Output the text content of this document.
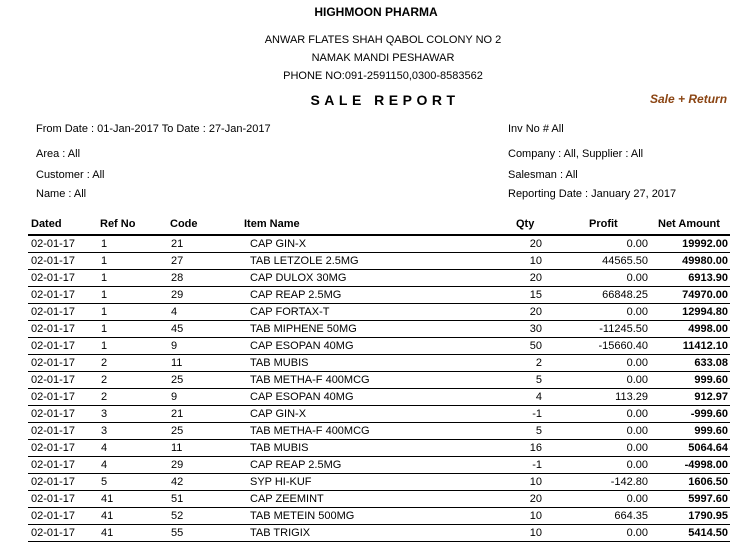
HIGHMOON PHARMA
ANWAR FLATES SHAH QABOL COLONY NO 2
NAMAK MANDI PESHAWAR
PHONE NO:091-2591150,0300-8583562
SALE REPORT	Sale + Return
From Date : 01-Jan-2017 To Date : 27-Jan-2017
Area : All
Customer : All
Name : All
Inv No # All
Company : All, Supplier : All
Salesman : All
Reporting Date : January 27, 2017
Dated	Ref No	Code	Item Name	Qty	Profit	Net Amount
02-01-17	1	21	CAP GIN-X	20	0.00	19992.00
02-01-17	1	27	TAB LETZOLE 2.5MG	10	44565.50	49980.00
02-01-17	1	28	CAP DULOX 30MG	20	0.00	6913.90
02-01-17	1	29	CAP REAP 2.5MG	15	66848.25	74970.00
02-01-17	1	4	CAP FORTAX-T	20	0.00	12994.80
02-01-17	1	45	TAB MIPHENE 50MG	30	-11245.50	4998.00
02-01-17	1	9	CAP ESOPAN 40MG	50	-15660.40	11412.10
02-01-17	2	11	TAB MUBIS	2	0.00	633.08
02-01-17	2	25	TAB METHA-F 400MCG	5	0.00	999.60
02-01-17	2	9	CAP ESOPAN 40MG	4	113.29	912.97
02-01-17	3	21	CAP GIN-X	-1	0.00	-999.60
02-01-17	3	25	TAB METHA-F 400MCG	5	0.00	999.60
02-01-17	4	11	TAB MUBIS	16	0.00	5064.64
02-01-17	4	29	CAP REAP 2.5MG	-1	0.00	-4998.00
02-01-17	5	42	SYP HI-KUF	10	-142.80	1606.50
02-01-17	41	51	CAP ZEEMINT	20	0.00	5997.60
02-01-17	41	52	TAB METEIN 500MG	10	664.35	1790.95
02-01-17	41	55	TAB TRIGIX	10	0.00	5414.50
